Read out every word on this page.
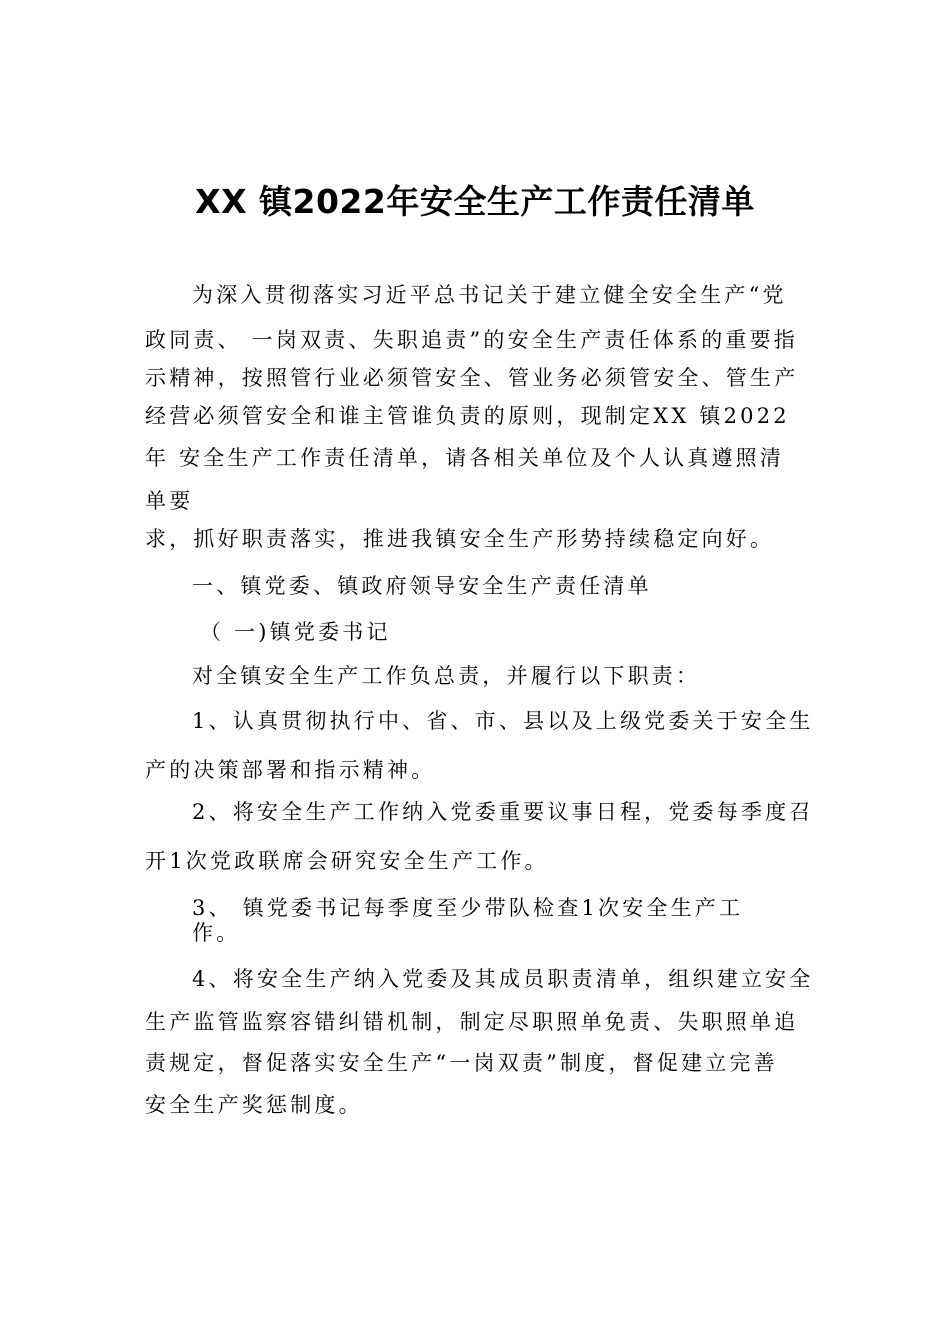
XX 镇2022年安全生产工作责任清单
为深入贯彻落实习近平总书记关于建立健全安全生产“党
政同责、 一岗双责、失职追责”的安全生产责任体系的重要指
示精神，按照管行业必须管安全、管业务必须管安全、管生产
经营必须管安全和谁主管谁负责的原则，现制定XX 镇2022
年 安全生产工作责任清单，请各相关单位及个人认真遵照清
单要
求，抓好职责落实，推进我镇安全生产形势持续稳定向好。
一、镇党委、镇政府领导安全生产责任清单
（ 一)镇党委书记
对全镇安全生产工作负总责，并履行以下职责：
1、认真贯彻执行中、省、市、县以及上级党委关于安全生
产的决策部署和指示精神。
2、将安全生产工作纳入党委重要议事日程，党委每季度召
开1次党政联席会研究安全生产工作。
3、 镇党委书记每季度至少带队检查1次安全生产工
作。
4、将安全生产纳入党委及其成员职责清单，组织建立安全
生产监管监察容错纠错机制，制定尽职照单免责、失职照单追
责规定，督促落实安全生产“一岗双责”制度，督促建立完善
安全生产奖惩制度。
